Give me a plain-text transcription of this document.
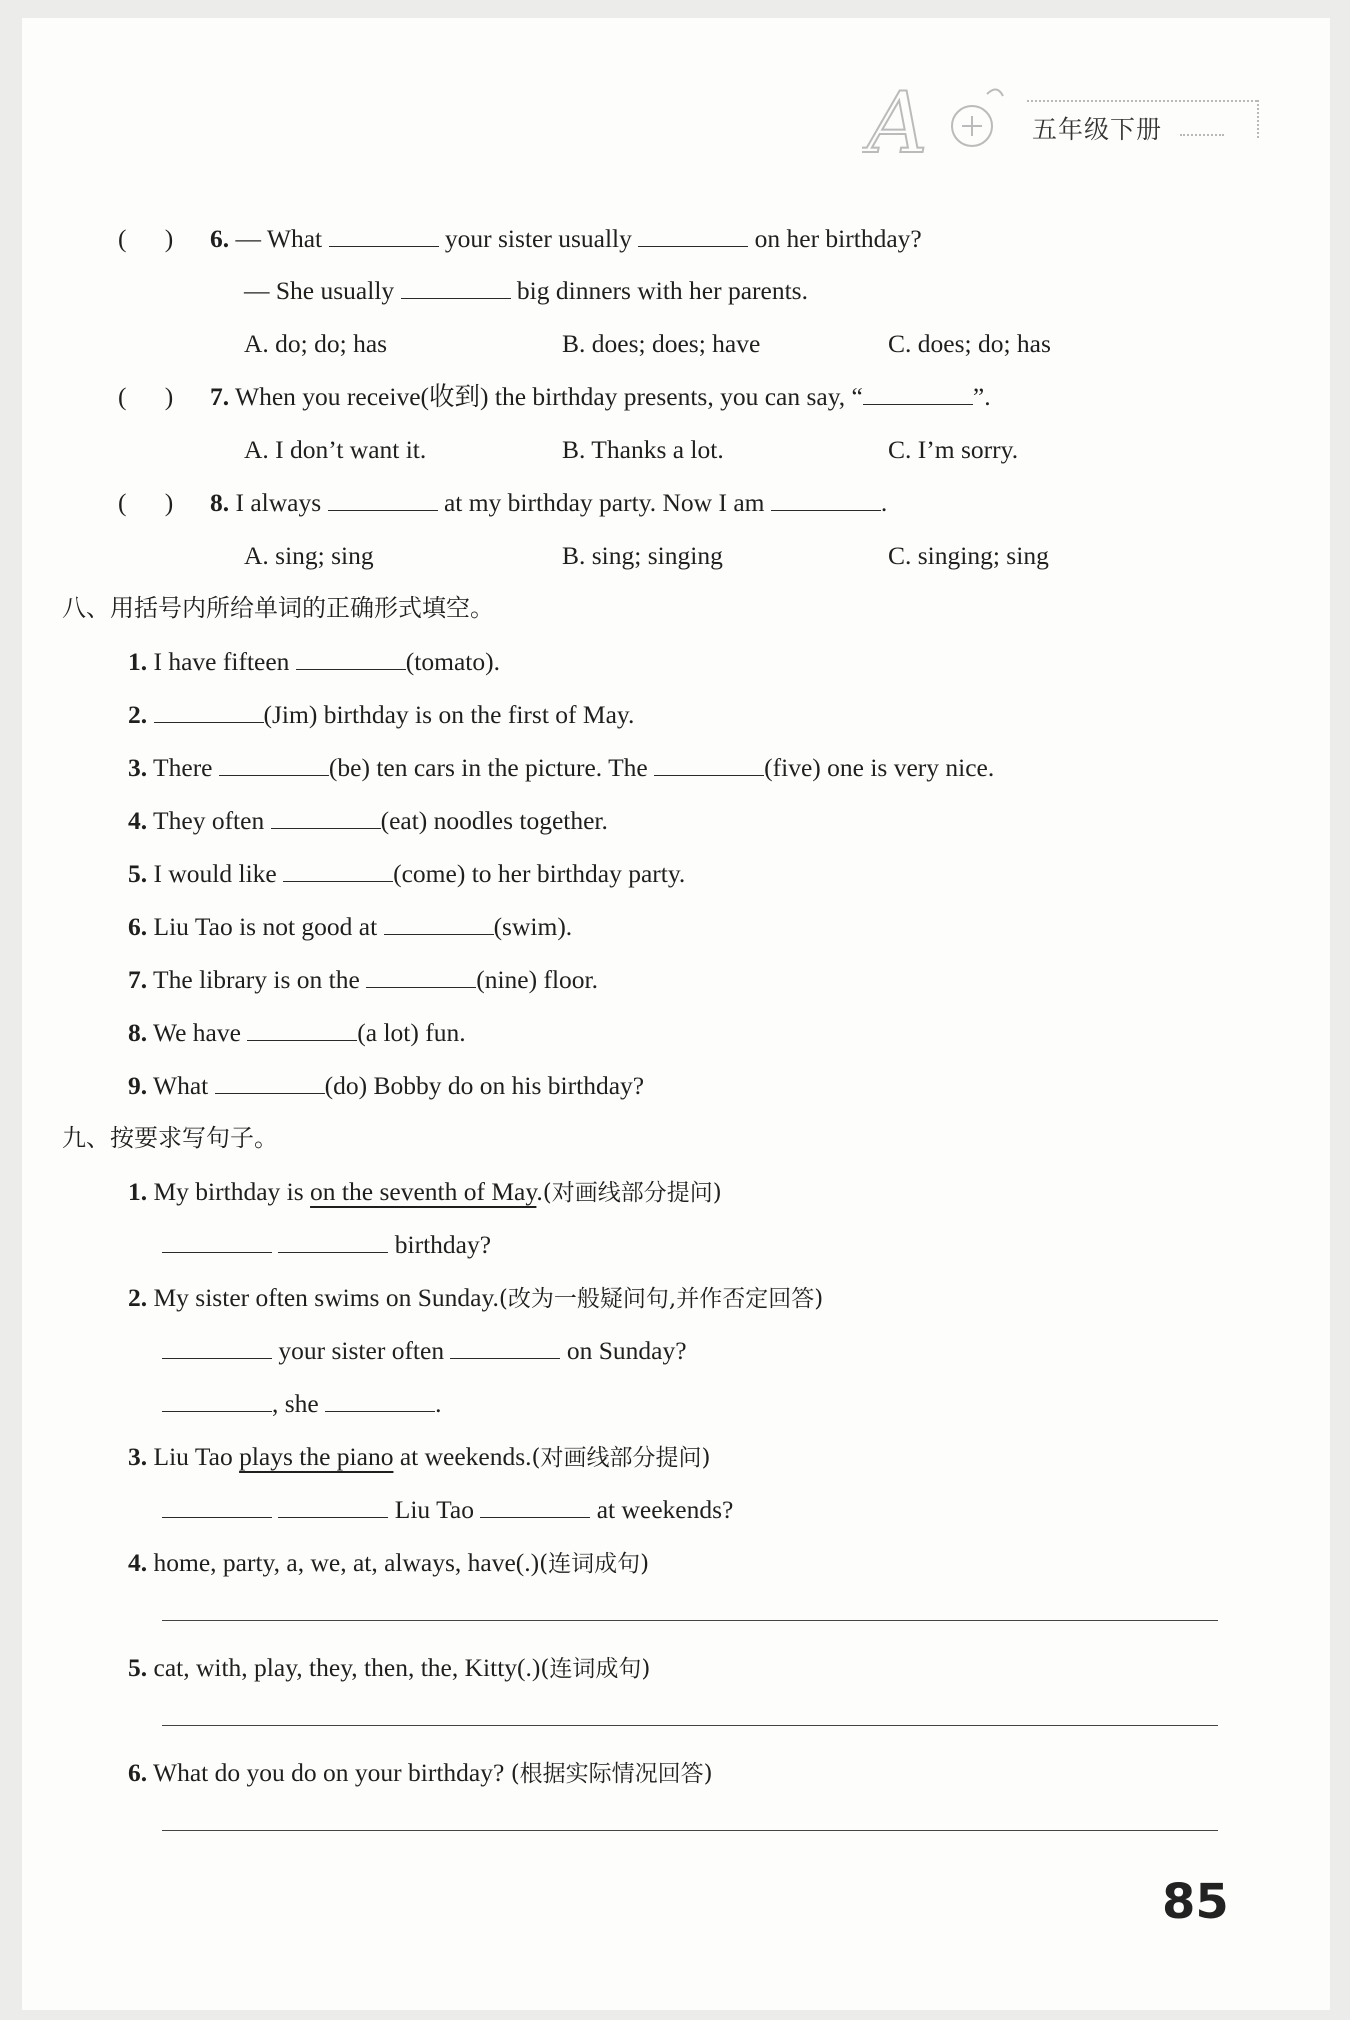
A	五年级下册
(      ) 6. — What	your sister usually	on her birthday?
— She usually	big dinners with her parents.
A. do; do; has	B. does; does; have	C. does; do; has
(      ) 7. When you receive(收到) the birthday presents, you can say, “	”.
A. I don’t want it.	B. Thanks a lot.	C. I’m sorry.
(      ) 8. I always	at my birthday party. Now I am	.
A. sing; sing	B. sing; singing	C. singing; sing
八、用括号内所给单词的正确形式填空。
1. I have fifteen	(tomato).
2.	(Jim) birthday is on the first of May.
3. There	(be) ten cars in the picture. The	(five) one is very nice.
4. They often	(eat) noodles together.
5. I would like	(come) to her birthday party.
6. Liu Tao is not good at	(swim).
7. The library is on the	(nine) floor.
8. We have	(a lot) fun.
9. What	(do) Bobby do on his birthday?
九、按要求写句子。
1. My birthday is on the seventh of May.(对画线部分提问)
birthday?
2. My sister often swims on Sunday.(改为一般疑问句,并作否定回答)
your sister often	on Sunday?
, she	.
3. Liu Tao plays the piano at weekends.(对画线部分提问)
Liu Tao	at weekends?
4. home, party, a, we, at, always, have(.)(连词成句)
5. cat, with, play, they, then, the, Kitty(.)(连词成句)
6. What do you do on your birthday? (根据实际情况回答)
85
